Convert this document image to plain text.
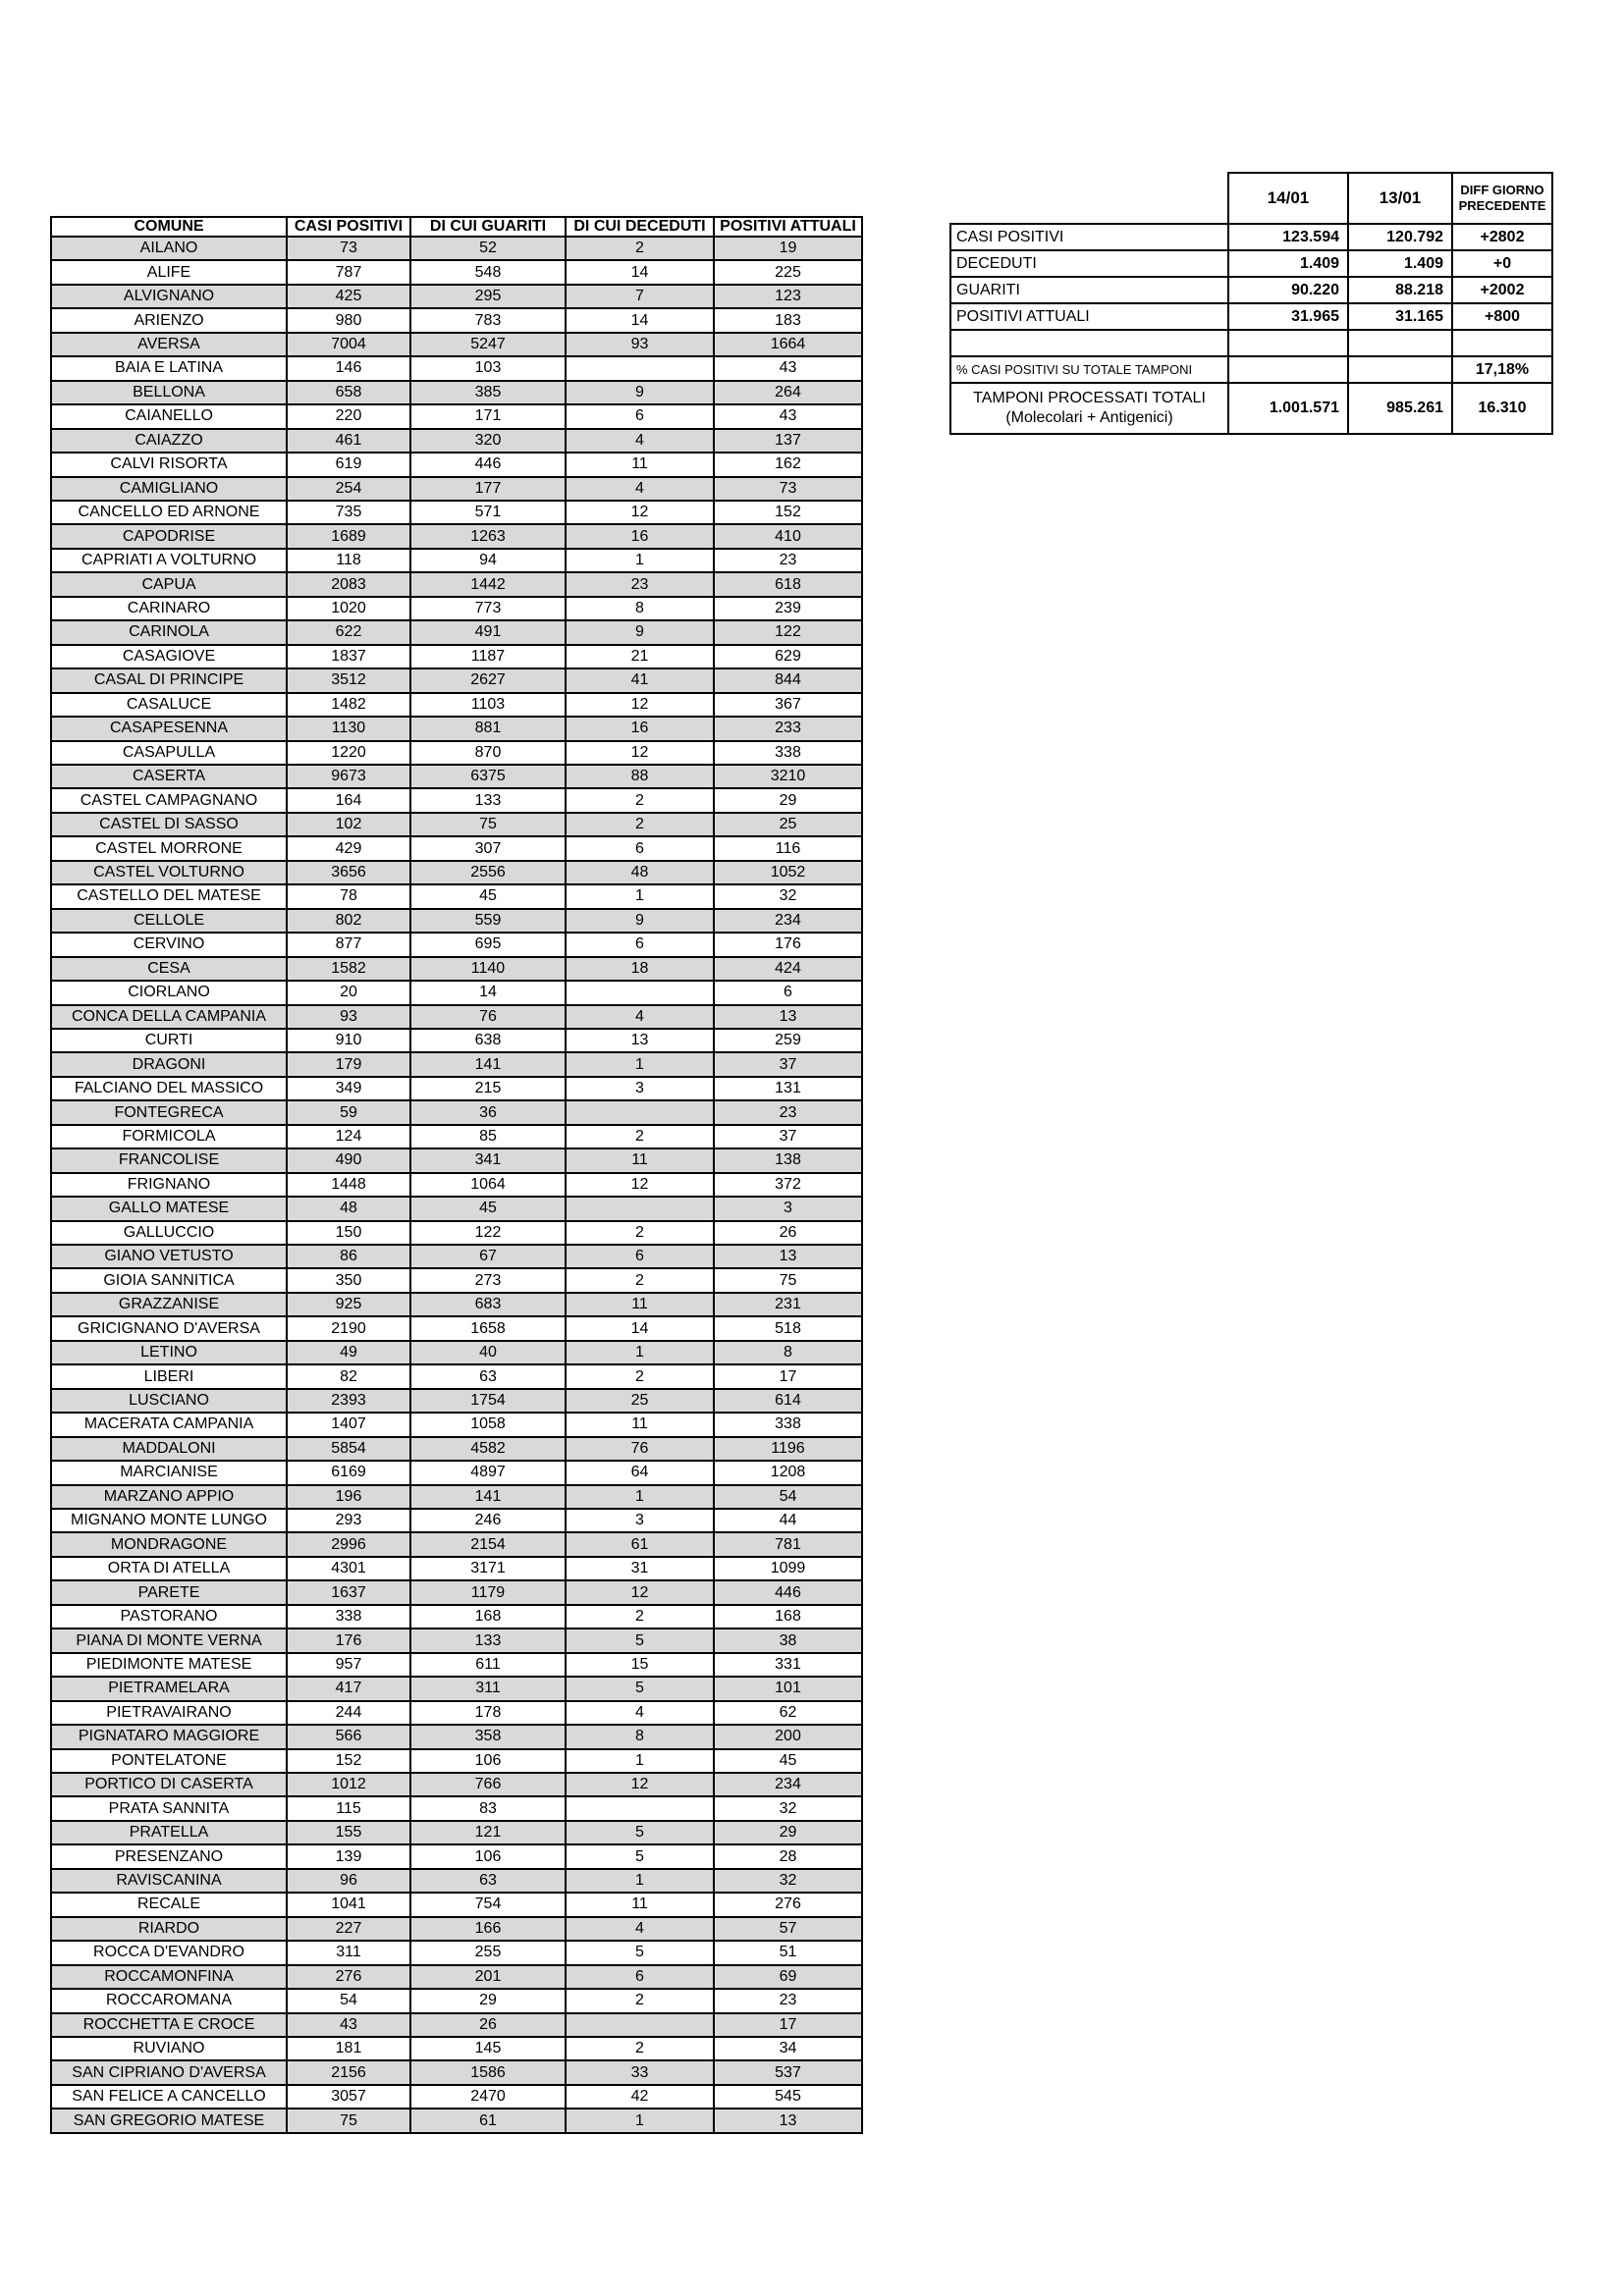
COMUNE	CASI POSITIVI	DI CUI GUARITI	DI CUI DECEDUTI	POSITIVI ATTUALI
AILANO	73	52	2	19
ALIFE	787	548	14	225
ALVIGNANO	425	295	7	123
ARIENZO	980	783	14	183
AVERSA	7004	5247	93	1664
BAIA E LATINA	146	103		43
BELLONA	658	385	9	264
CAIANELLO	220	171	6	43
CAIAZZO	461	320	4	137
CALVI RISORTA	619	446	11	162
CAMIGLIANO	254	177	4	73
CANCELLO ED ARNONE	735	571	12	152
CAPODRISE	1689	1263	16	410
CAPRIATI A VOLTURNO	118	94	1	23
CAPUA	2083	1442	23	618
CARINARO	1020	773	8	239
CARINOLA	622	491	9	122
CASAGIOVE	1837	1187	21	629
CASAL DI PRINCIPE	3512	2627	41	844
CASALUCE	1482	1103	12	367
CASAPESENNA	1130	881	16	233
CASAPULLA	1220	870	12	338
CASERTA	9673	6375	88	3210
CASTEL CAMPAGNANO	164	133	2	29
CASTEL DI SASSO	102	75	2	25
CASTEL MORRONE	429	307	6	116
CASTEL VOLTURNO	3656	2556	48	1052
CASTELLO DEL MATESE	78	45	1	32
CELLOLE	802	559	9	234
CERVINO	877	695	6	176
CESA	1582	1140	18	424
CIORLANO	20	14		6
CONCA DELLA CAMPANIA	93	76	4	13
CURTI	910	638	13	259
DRAGONI	179	141	1	37
FALCIANO DEL MASSICO	349	215	3	131
FONTEGRECA	59	36		23
FORMICOLA	124	85	2	37
FRANCOLISE	490	341	11	138
FRIGNANO	1448	1064	12	372
GALLO MATESE	48	45		3
GALLUCCIO	150	122	2	26
GIANO VETUSTO	86	67	6	13
GIOIA SANNITICA	350	273	2	75
GRAZZANISE	925	683	11	231
GRICIGNANO D'AVERSA	2190	1658	14	518
LETINO	49	40	1	8
LIBERI	82	63	2	17
LUSCIANO	2393	1754	25	614
MACERATA CAMPANIA	1407	1058	11	338
MADDALONI	5854	4582	76	1196
MARCIANISE	6169	4897	64	1208
MARZANO APPIO	196	141	1	54
MIGNANO MONTE LUNGO	293	246	3	44
MONDRAGONE	2996	2154	61	781
ORTA DI ATELLA	4301	3171	31	1099
PARETE	1637	1179	12	446
PASTORANO	338	168	2	168
PIANA DI MONTE VERNA	176	133	5	38
PIEDIMONTE MATESE	957	611	15	331
PIETRAMELARA	417	311	5	101
PIETRAVAIRANO	244	178	4	62
PIGNATARO MAGGIORE	566	358	8	200
PONTELATONE	152	106	1	45
PORTICO DI CASERTA	1012	766	12	234
PRATA SANNITA	115	83		32
PRATELLA	155	121	5	29
PRESENZANO	139	106	5	28
RAVISCANINA	96	63	1	32
RECALE	1041	754	11	276
RIARDO	227	166	4	57
ROCCA D'EVANDRO	311	255	5	51
ROCCAMONFINA	276	201	6	69
ROCCAROMANA	54	29	2	23
ROCCHETTA E CROCE	43	26		17
RUVIANO	181	145	2	34
SAN CIPRIANO D'AVERSA	2156	1586	33	537
SAN FELICE A CANCELLO	3057	2470	42	545
SAN GREGORIO MATESE	75	61	1	13
	14/01	13/01	DIFF GIORNO PRECEDENTE
CASI POSITIVI	123.594	120.792	+2802
DECEDUTI	1.409	1.409	+0
GUARITI	90.220	88.218	+2002
POSITIVI ATTUALI	31.965	31.165	+800

% CASI POSITIVI SU TOTALE TAMPONI			17,18%

TAMPONI PROCESSATI TOTALI
(Molecolari + Antigenici)	1.001.571	985.261	16.310
